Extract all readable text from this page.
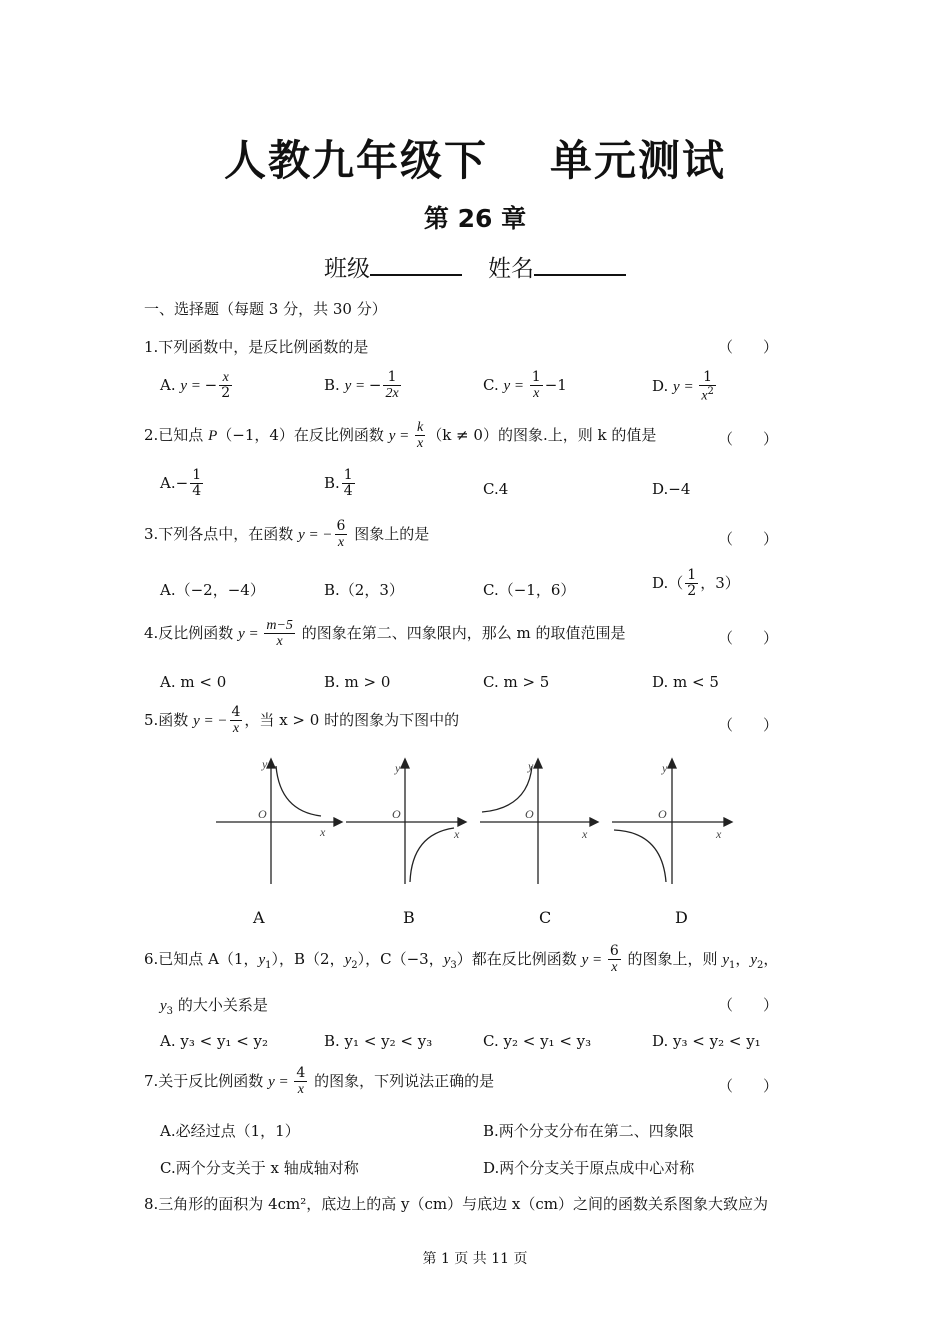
人教九年级下 单元测试
第 26 章
班级	姓名
一、选择题（每题 3 分，共 30 分）
1.下列函数中，是反比例函数的是	（　　）
A. y = − $\frac{x}{2}$	B. y = − $\frac{1}{2x}$	C. $y = \frac{1}{x} -1$	D. $y = \frac{1}{x^2}$
2.已知点 P（−1，4）在反比例函数 $y = \frac{k}{x} (k \ne 0)$的图象.上，则 k 的值是	（　　）
$A.- \frac{1}{4}$	B. $\frac{1}{4}$	C.4	D.−4
3.下列各点中，在函数 y = − $\frac{6}{x}$ 图象上的是	（　　）
A.（−2，−4）	B.（2，3）	C.（−1，6）	$D.( \frac{1}{2}$ ，3）
4.反比例函数 $y = \frac{m-5}{x}$ 的图象在第二、四象限内，那么 m 的取值范围是	（　　）
A. m < 0	B. m > 0	C. m > 5	D. m < 5
5.函数 y = − $\frac{4}{x}$ ，当 x > 0 时的图象为下图中的	（　　）
y
O
x
y
O
x
y
O
x
y
O
x
A	B	C	D
6.已知点 A（1，$y_1$），B（2，$y_2$），C（−3，$y_3$）都在反比例函数 $y = \frac{6}{x}$ 的图象上，则 $y_1$，$y_2$，
$y_3$ 的大小关系是	（　　）
A. y₃ < y₁ < y₂	B. y₁ < y₂ < y₃	C. y₂ < y₁ < y₃	D. y₃ < y₂ < y₁
7.关于反比例函数 $y = \frac{4}{x}$ 的图象，下列说法正确的是	（　　）
A.必经过点（1，1）	B.两个分支分布在第二、四象限
C.两个分支关于 x 轴成轴对称	D.两个分支关于原点成中心对称
8.三角形的面积为 4cm²，底边上的高 y（cm）与底边 x（cm）之间的函数关系图象大致应为
第 1 页 共 11 页
